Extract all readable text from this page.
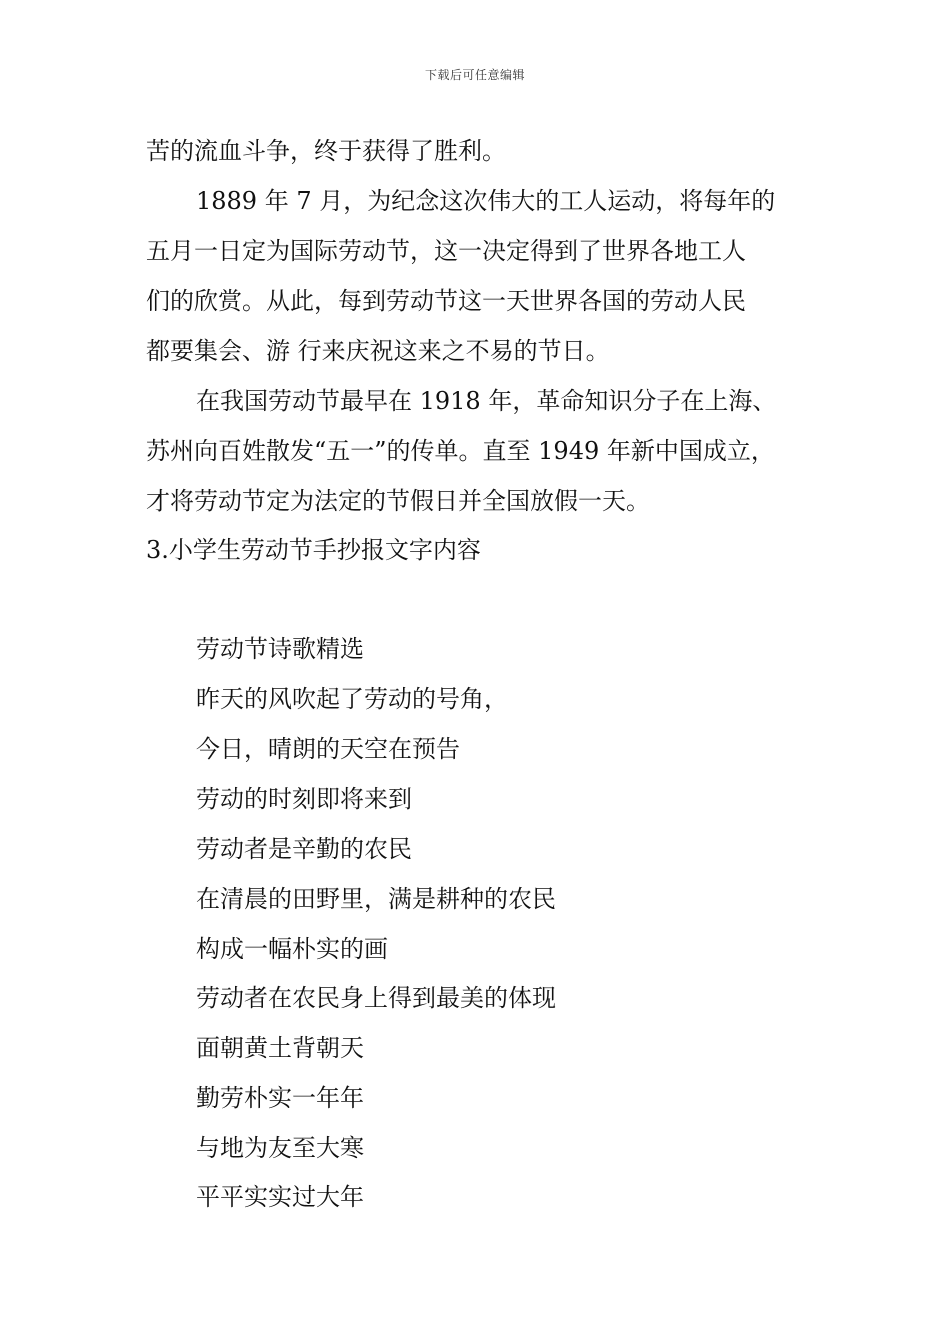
下载后可任意编辑
苦的流血斗争，终于获得了胜利。
1889 年 7 月，为纪念这次伟大的工人运动，将每年的
五月一日定为国际劳动节，这一决定得到了世界各地工人
们的欣赏。从此，每到劳动节这一天世界各国的劳动人民
都要集会、游 行来庆祝这来之不易的节日。
在我国劳动节最早在 1918 年，革命知识分子在上海、
苏州向百姓散发“五一”的传单。直至 1949 年新中国成立，
才将劳动节定为法定的节假日并全国放假一天。
3.小学生劳动节手抄报文字内容
劳动节诗歌精选
昨天的风吹起了劳动的号角，
今日，晴朗的天空在预告
劳动的时刻即将来到
劳动者是辛勤的农民
在清晨的田野里，满是耕种的农民
构成一幅朴实的画
劳动者在农民身上得到最美的体现
面朝黄土背朝天
勤劳朴实一年年
与地为友至大寒
平平实实过大年
